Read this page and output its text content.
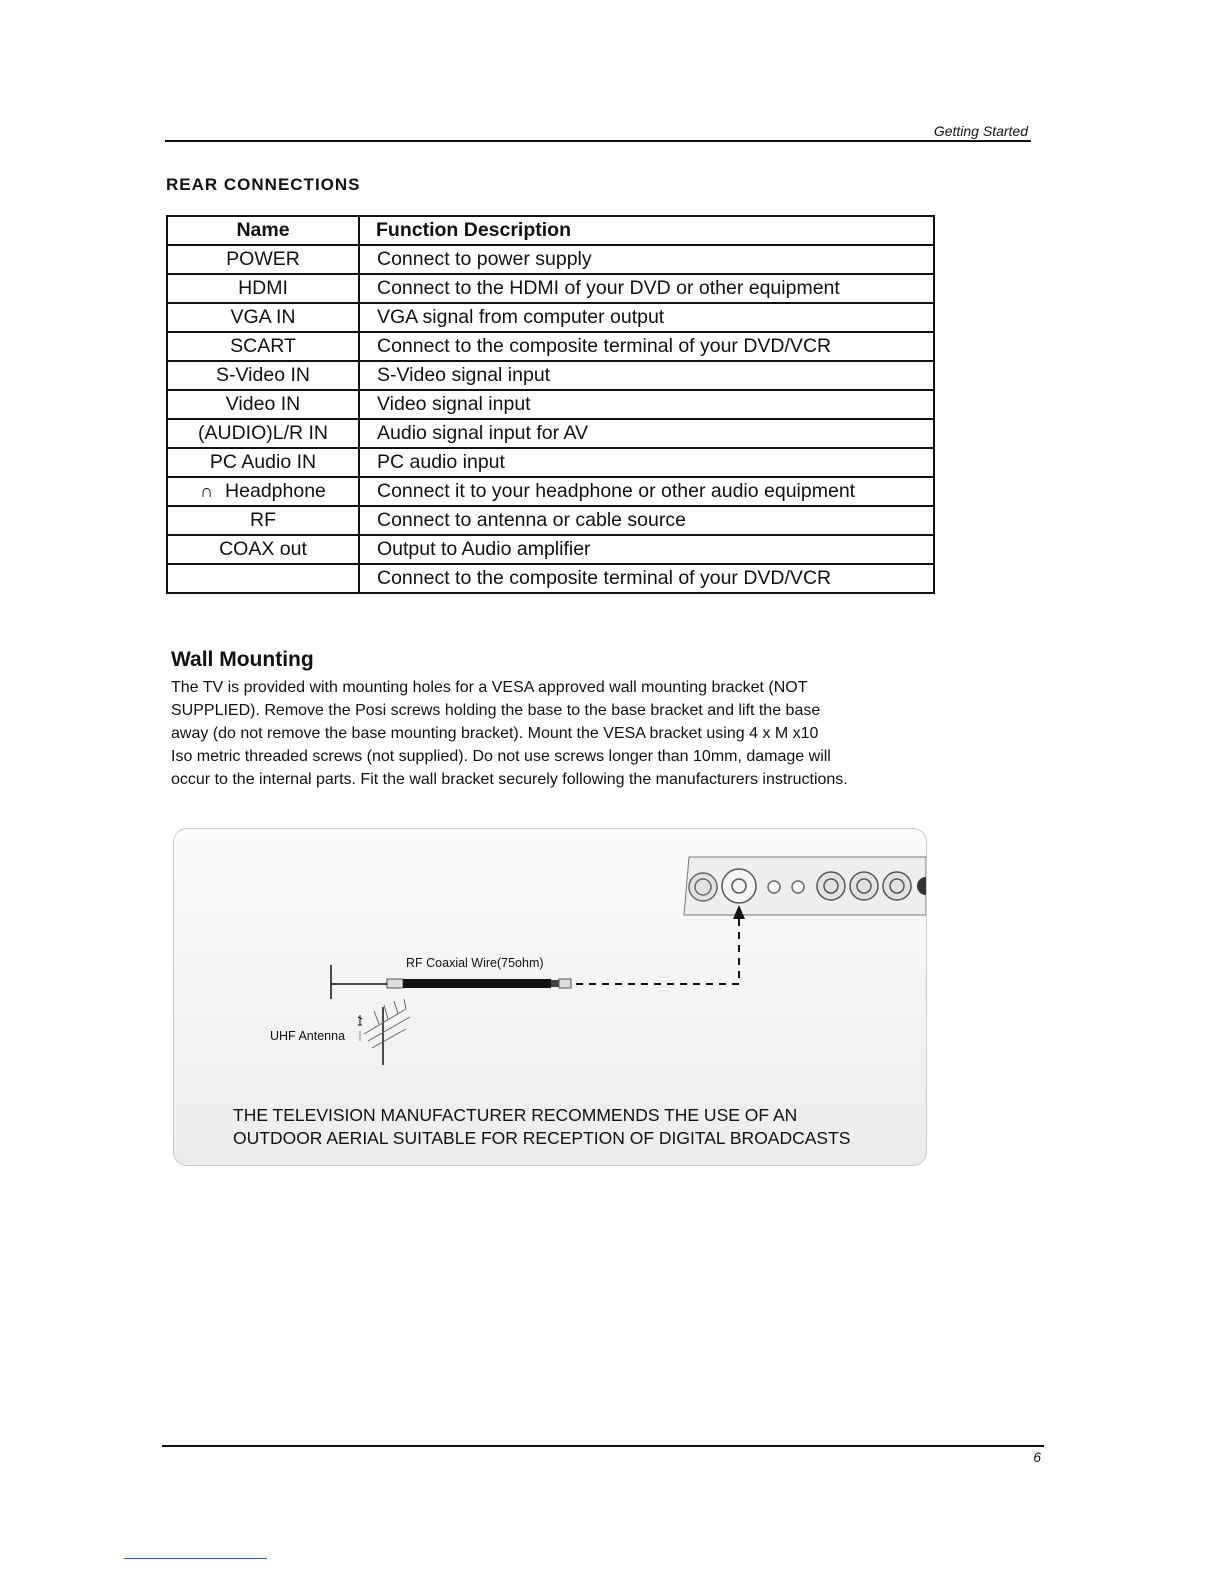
Getting Started
REAR CONNECTIONS
Name	Function Description
POWER	Connect to power supply
HDMI	Connect to the HDMI of your DVD or other equipment
VGA IN	VGA signal from computer output
SCART	Connect to the composite terminal of your DVD/VCR
S-Video IN	S-Video signal input
Video IN	Video signal input
(AUDIO)L/R IN	Audio signal input for AV
PC Audio IN	PC audio input
∩ Headphone	Connect it to your headphone or other audio equipment
RF	Connect to antenna or cable source
COAX out	Output to Audio amplifier
	Connect to the composite terminal of your DVD/VCR
Wall Mounting

The TV is provided with mounting holes for a VESA approved wall mounting bracket (NOT

SUPPLIED). Remove the Posi screws holding the base to the base bracket and lift the base

away (do not remove the base mounting bracket). Mount the VESA bracket using 4 x M x10

Iso metric threaded screws (not supplied). Do not use screws longer than 10mm, damage will

occur to the internal parts. Fit the wall bracket securely following the manufacturers instructions.

RF Coaxial Wire(75ohm)
UHF Antenna

THE TELEVISION MANUFACTURER RECOMMENDS THE USE OF AN

OUTDOOR AERIAL SUITABLE FOR RECEPTION OF DIGITAL BROADCASTS

6
